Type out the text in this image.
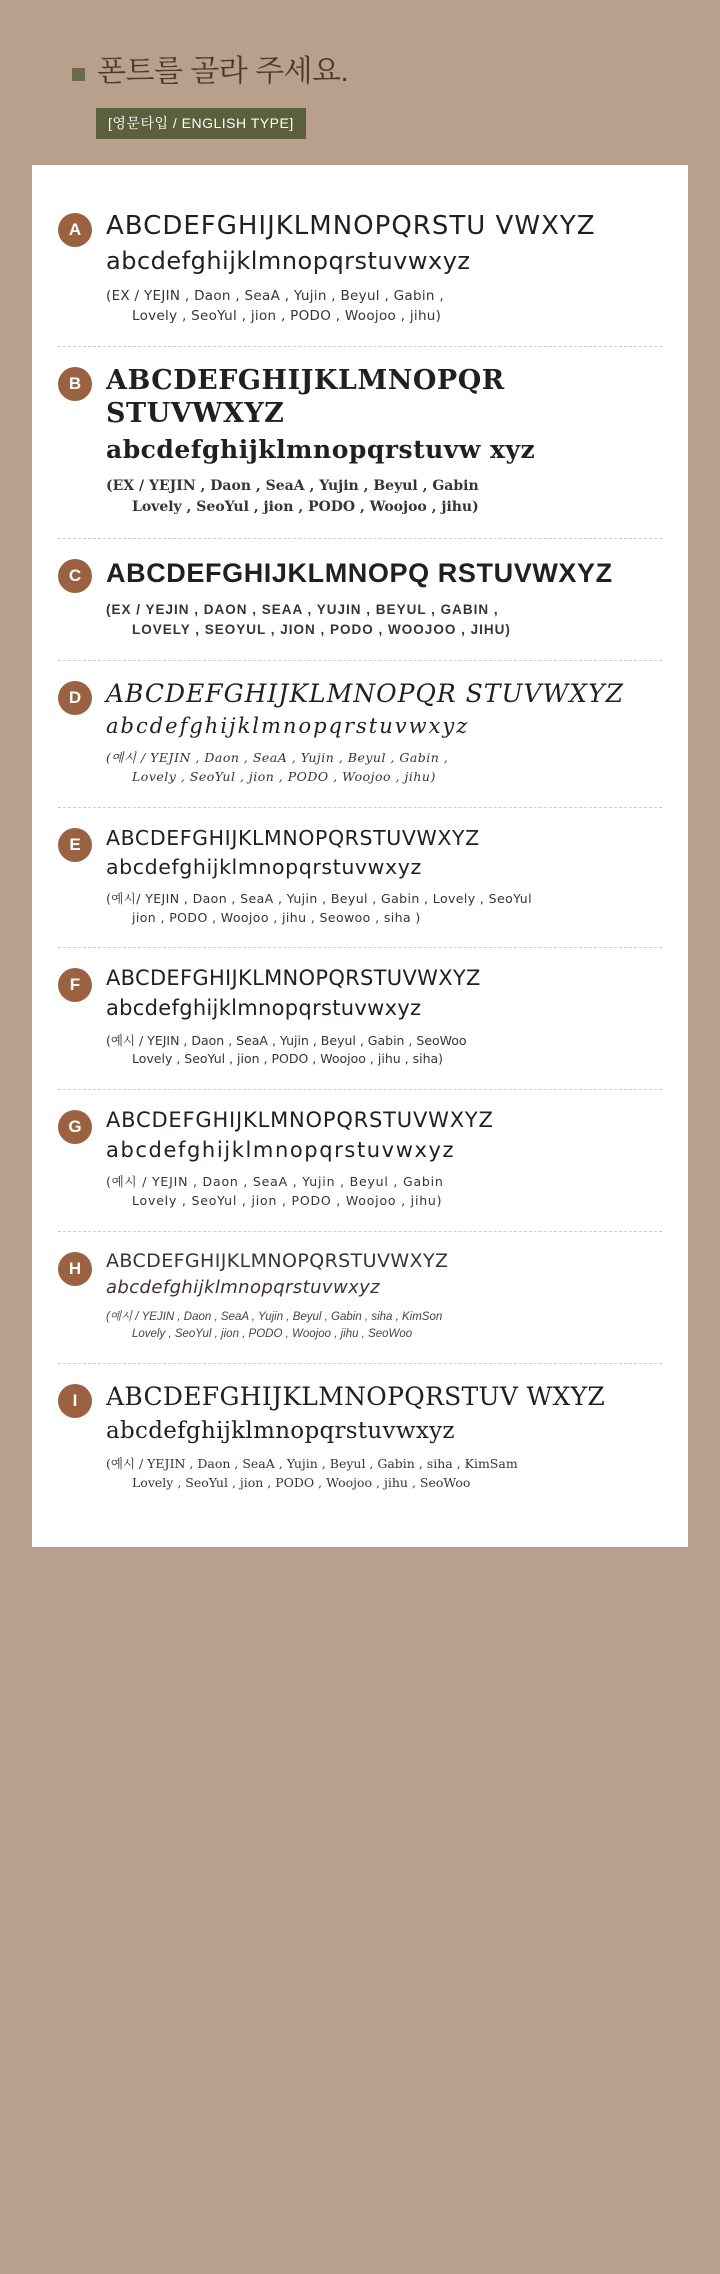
폰트를 골라 주세요.
[영문타입 / ENGLISH TYPE]
A ABCDEFGHIJKLMNOPQRSTU VWXYZ
abcdefghijklmnopqrstuvwxyz
(EX / YEJIN , Daon , SeaA , Yujin , Beyul , Gabin ,
Lovely , SeoYul , jion , PODO , Woojoo , jihu)
B ABCDEFGHIJKLMNOPQR STUVWXYZ
abcdefghijklmnopqrstuvw xyz
(EX / YEJIN , Daon , SeaA , Yujin , Beyul , Gabin
Lovely , SeoYul , jion , PODO , Woojoo , jihu)
C ABCDEFGHIJKLMNOPQ RSTUVWXYZ
(EX / YEJIN , DAON , SEAA , YUJIN , BEYUL , GABIN ,
LOVELY , SEOYUL , JION , PODO , WOOJOO , JIHU)
D ABCDEFGHIJKLMNOPQR STUVWXYZ
abcdefghijklmnopqrstuvwxyz
(예시 / YEJIN , Daon , SeaA , Yujin , Beyul , Gabin ,
Lovely , SeoYul , jion , PODO , Woojoo , jihu)
E	ABCDEFGHIJKLMNOPQRSTUVWXYZ
abcdefghijklmnopqrstuvwxyz
(예시/ YEJIN , Daon , SeaA , Yujin , Beyul , Gabin , Lovely , SeoYul
jion , PODO , Woojoo , jihu , Seowoo , siha )
F	ABCDEFGHIJKLMNOPQRSTUVWXYZ
abcdefghijklmnopqrstuvwxyz
(예시 / YEJIN , Daon , SeaA , Yujin , Beyul , Gabin , SeoWoo
Lovely , SeoYul , jion , PODO , Woojoo , jihu , siha)
G	ABCDEFGHIJKLMNOPQRSTUVWXYZ
abcdefghijklmnopqrstuvwxyz
(예시 / YEJIN , Daon , SeaA , Yujin , Beyul , Gabin
Lovely , SeoYul , jion , PODO , Woojoo , jihu)
H	ABCDEFGHIJKLMNOPQRSTUVWXYZ
abcdefghijklmnopqrstuvwxyz
(예시 / YEJIN , Daon , SeaA , Yujin , Beyul , Gabin , siha , KimSon
Lovely , SeoYul , jion , PODO , Woojoo , jihu , SeoWoo
I	ABCDEFGHIJKLMNOPQRSTUV WXYZ
abcdefghijklmnopqrstuvwxyz
(예시 / YEJIN , Daon , SeaA , Yujin , Beyul , Gabin , siha , KimSam
Lovely , SeoYul , jion , PODO , Woojoo , jihu , SeoWoo
